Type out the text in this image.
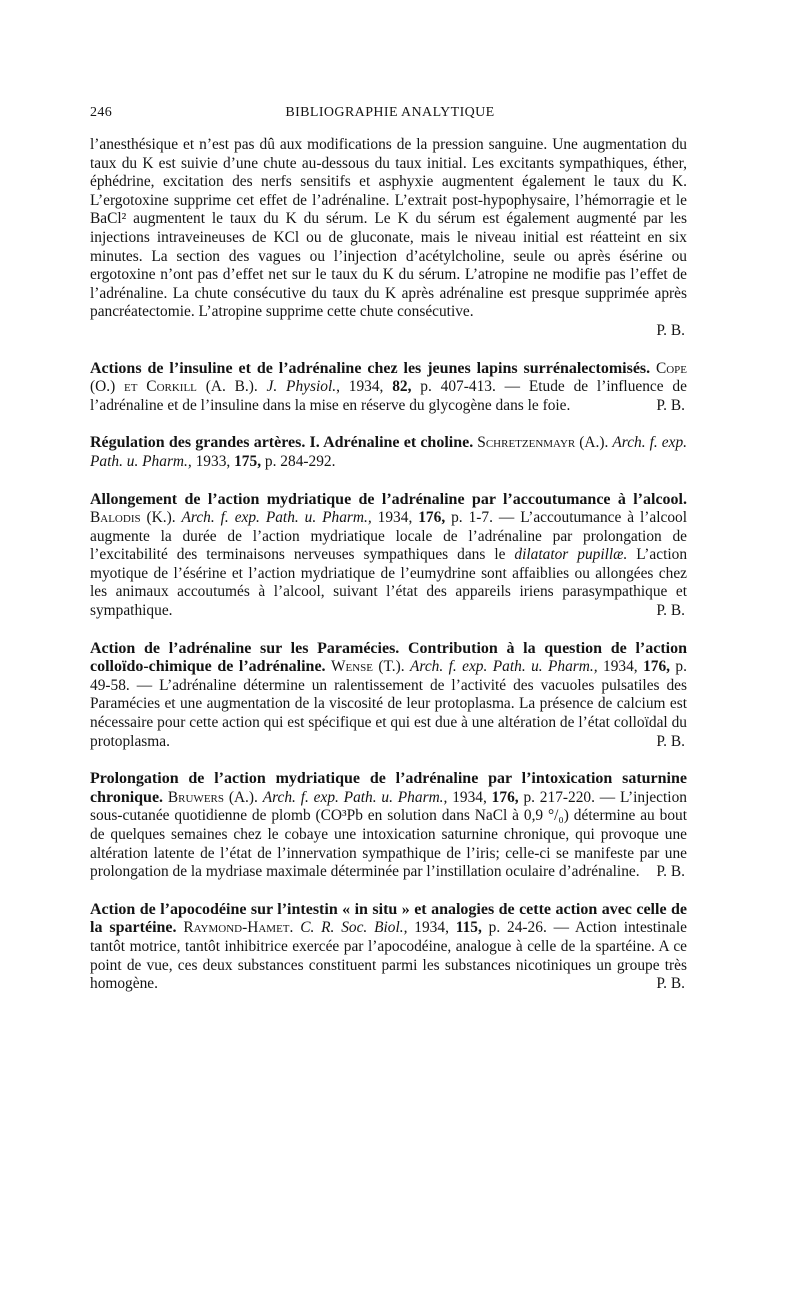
246	BIBLIOGRAPHIE ANALYTIQUE

l’anesthésique et n’est pas dû aux modifications de la pression sanguine. Une augmentation du taux du K est suivie d’une chute au-dessous du taux initial. Les excitants sympathiques, éther, éphédrine, excitation des nerfs sensitifs et asphyxie augmentent également le taux du K. L’ergotoxine supprime cet effet de l’adrénaline. L’extrait post-hypophysaire, l’hémorragie et le BaCl² augmentent le taux du K du sérum. Le K du sérum est également augmenté par les injections intraveineuses de KCl ou de gluconate, mais le niveau initial est réatteint en six minutes. La section des vagues ou l’injection d’acétylcholine, seule ou après ésérine ou ergotoxine n’ont pas d’effet net sur le taux du K du sérum. L’atropine ne modifie pas l’effet de l’adrénaline. La chute consécutive du taux du K après adrénaline est presque supprimée après pancréatectomie. L’atropine supprime cette chute consécutive.

P. B.

Actions de l’insuline et de l’adrénaline chez les jeunes lapins surrénalectomisés. Cope (O.) et Corkill (A. B.). J. Physiol., 1934, 82, p. 407-413. — Etude de l’influence de l’adrénaline et de l’insuline dans la mise en réserve du glycogène dans le foie.	P. B.

Régulation des grandes artères. I. Adrénaline et choline. Schretzenmayr (A.). Arch. f. exp. Path. u. Pharm., 1933, 175, p. 284-292.

Allongement de l’action mydriatique de l’adrénaline par l’accoutumance à l’alcool. Balodis (K.). Arch. f. exp. Path. u. Pharm., 1934, 176, p. 1-7. — L’accoutumance à l’alcool augmente la durée de l’action mydriatique locale de l’adrénaline par prolongation de l’excitabilité des terminaisons nerveuses sympathiques dans le dilatator pupillæ. L’action myotique de l’ésérine et l’action mydriatique de l’eumydrine sont affaiblies ou allongées chez les animaux accoutumés à l’alcool, suivant l’état des appareils iriens parasympathique et sympathique.	P. B.

Action de l’adrénaline sur les Paramécies. Contribution à la question de l’action colloïdo-chimique de l’adrénaline. Wense (T.). Arch. f. exp. Path. u. Pharm., 1934, 176, p. 49-58. — L’adrénaline détermine un ralentissement de l’activité des vacuoles pulsatiles des Paramécies et une augmentation de la viscosité de leur protoplasma. La présence de calcium est nécessaire pour cette action qui est spécifique et qui est due à une altération de l’état colloïdal du protoplasma.	P. B.

Prolongation de l’action mydriatique de l’adrénaline par l’intoxication saturnine chronique. Bruwers (A.). Arch. f. exp. Path. u. Pharm., 1934, 176, p. 217-220. — L’injection sous-cutanée quotidienne de plomb (CO³Pb en solution dans NaCl à 0,9 °/₀) détermine au bout de quelques semaines chez le cobaye une intoxication saturnine chronique, qui provoque une altération latente de l’état de l’innervation sympathique de l’iris; celle-ci se manifeste par une prolongation de la mydriase maximale déterminée par l’instillation oculaire d’adrénaline. P. B.

Action de l’apocodéine sur l’intestin « in situ » et analogies de cette action avec celle de la spartéine. Raymond-Hamet. C. R. Soc. Biol., 1934, 115, p. 24-26. — Action intestinale tantôt motrice, tantôt inhibitrice exercée par l’apocodéine, analogue à celle de la spartéine. A ce point de vue, ces deux substances constituent parmi les substances nicotiniques un groupe très homogène.	P. B.
